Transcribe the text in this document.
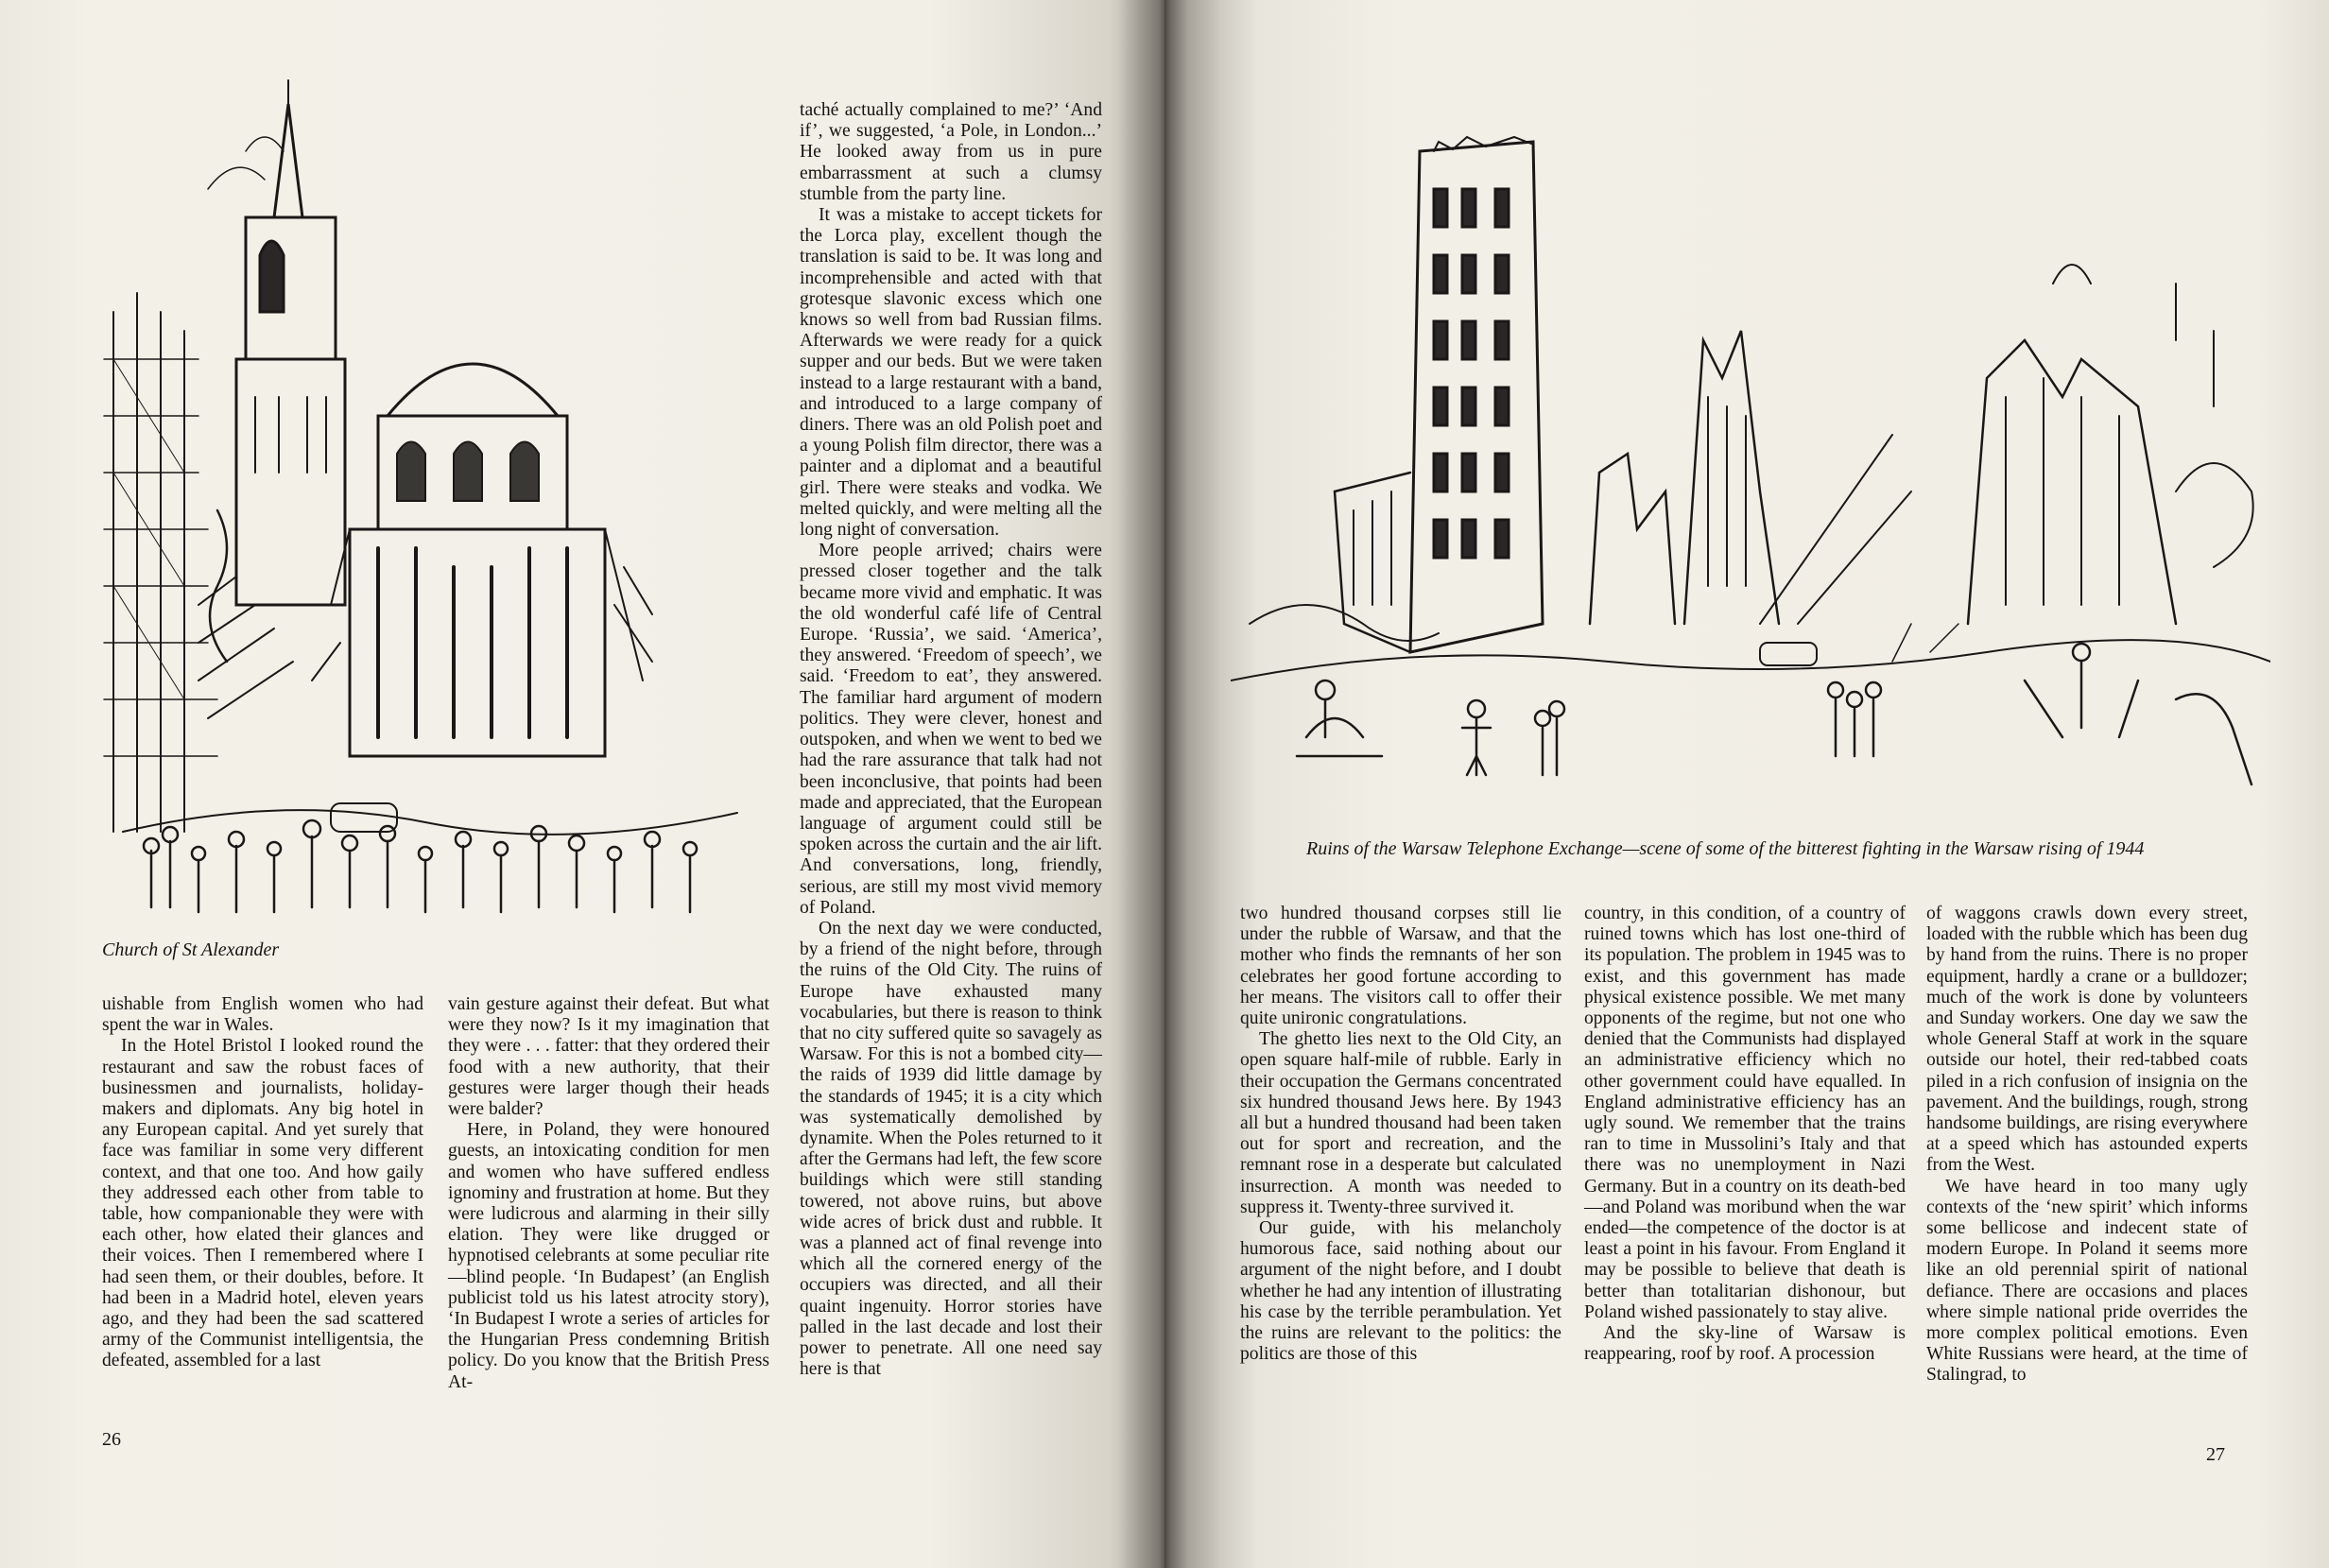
Church of St Alexander

taché actually complained to me?’ ‘And if’, we suggested, ‘a Pole, in London...’ He looked away from us in pure embarrassment at such a clumsy stumble from the party line.

It was a mistake to accept tickets for the Lorca play, excellent though the translation is said to be. It was long and incomprehensible and acted with that grotesque slavonic excess which one knows so well from bad Russian films. Afterwards we were ready for a quick supper and our beds. But we were taken instead to a large restaurant with a band, and introduced to a large company of diners. There was an old Polish poet and a young Polish film director, there was a painter and a diplomat and a beautiful girl. There were steaks and vodka. We melted quickly, and were melting all the long night of conversation.

More people arrived; chairs were pressed closer together and the talk became more vivid and emphatic. It was the old wonderful café life of Central Europe. ‘Russia’, we said. ‘America’, they answered. ‘Freedom of speech’, we said. ‘Freedom to eat’, they answered. The familiar hard argument of modern politics. They were clever, honest and outspoken, and when we went to bed we had the rare assurance that talk had not been inconclusive, that points had been made and appreciated, that the European language of argument could still be spoken across the curtain and the air lift. And conversations, long, friendly, serious, are still my most vivid memory of Poland.

On the next day we were conducted, by a friend of the night before, through the ruins of the Old City. The ruins of Europe have exhausted many vocabularies, but there is reason to think that no city suffered quite so savagely as Warsaw. For this is not a bombed city—the raids of 1939 did little damage by the standards of 1945; it is a city which was systematically demolished by dynamite. When the Poles returned to it after the Germans had left, the few score buildings which were still standing towered, not above ruins, but above wide acres of brick dust and rubble. It was a planned act of final revenge into which all the cornered energy of the occupiers was directed, and all their quaint ingenuity. Horror stories have palled in the last decade and lost their power to penetrate. All one need say here is that

uishable from English women who had spent the war in Wales.

In the Hotel Bristol I looked round the restaurant and saw the robust faces of businessmen and journalists, holiday-makers and diplomats. Any big hotel in any European capital. And yet surely that face was familiar in some very different context, and that one too. And how gaily they addressed each other from table to table, how companionable they were with each other, how elated their glances and their voices. Then I remembered where I had seen them, or their doubles, before. It had been in a Madrid hotel, eleven years ago, and they had been the sad scattered army of the Communist intelligentsia, the defeated, assembled for a last

vain gesture against their defeat. But what were they now? Is it my imagination that they were . . . fatter: that they ordered their food with a new authority, that their gestures were larger though their heads were balder?

Here, in Poland, they were honoured guests, an intoxicating condition for men and women who have suffered endless ignominy and frustration at home. But they were ludicrous and alarming in their silly elation. They were like drugged or hypnotised celebrants at some peculiar rite—blind people. ‘In Budapest’ (an English publicist told us his latest atrocity story), ‘In Budapest I wrote a series of articles for the Hungarian Press condemning British policy. Do you know that the British Press At-

26
Ruins of the Warsaw Telephone Exchange—scene of some of the bitterest fighting in the Warsaw rising of 1944

two hundred thousand corpses still lie under the rubble of Warsaw, and that the mother who finds the remnants of her son celebrates her good fortune according to her means. The visitors call to offer their quite unironic congratulations.

The ghetto lies next to the Old City, an open square half-mile of rubble. Early in their occupation the Germans concentrated six hundred thousand Jews here. By 1943 all but a hundred thousand had been taken out for sport and recreation, and the remnant rose in a desperate but calculated insurrection. A month was needed to suppress it. Twenty-three survived it.

Our guide, with his melancholy humorous face, said nothing about our argument of the night before, and I doubt whether he had any intention of illustrating his case by the terrible perambulation. Yet the ruins are relevant to the politics: the politics are those of this

country, in this condition, of a country of ruined towns which has lost one-third of its population. The problem in 1945 was to exist, and this government has made physical existence possible. We met many opponents of the regime, but not one who denied that the Communists had displayed an administrative efficiency which no other government could have equalled. In England administrative efficiency has an ugly sound. We remember that the trains ran to time in Mussolini’s Italy and that there was no unemployment in Nazi Germany. But in a country on its death-bed—and Poland was moribund when the war ended—the competence of the doctor is at least a point in his favour. From England it may be possible to believe that death is better than totalitarian dishonour, but Poland wished passionately to stay alive.

And the sky-line of Warsaw is reappearing, roof by roof. A procession

of waggons crawls down every street, loaded with the rubble which has been dug by hand from the ruins. There is no proper equipment, hardly a crane or a bulldozer; much of the work is done by volunteers and Sunday workers. One day we saw the whole General Staff at work in the square outside our hotel, their red-tabbed coats piled in a rich confusion of insignia on the pavement. And the buildings, rough, strong handsome buildings, are rising everywhere at a speed which has astounded experts from the West.

We have heard in too many ugly contexts of the ‘new spirit’ which informs some bellicose and indecent state of modern Europe. In Poland it seems more like an old perennial spirit of national defiance. There are occasions and places where simple national pride overrides the more complex political emotions. Even White Russians were heard, at the time of Stalingrad, to

27
